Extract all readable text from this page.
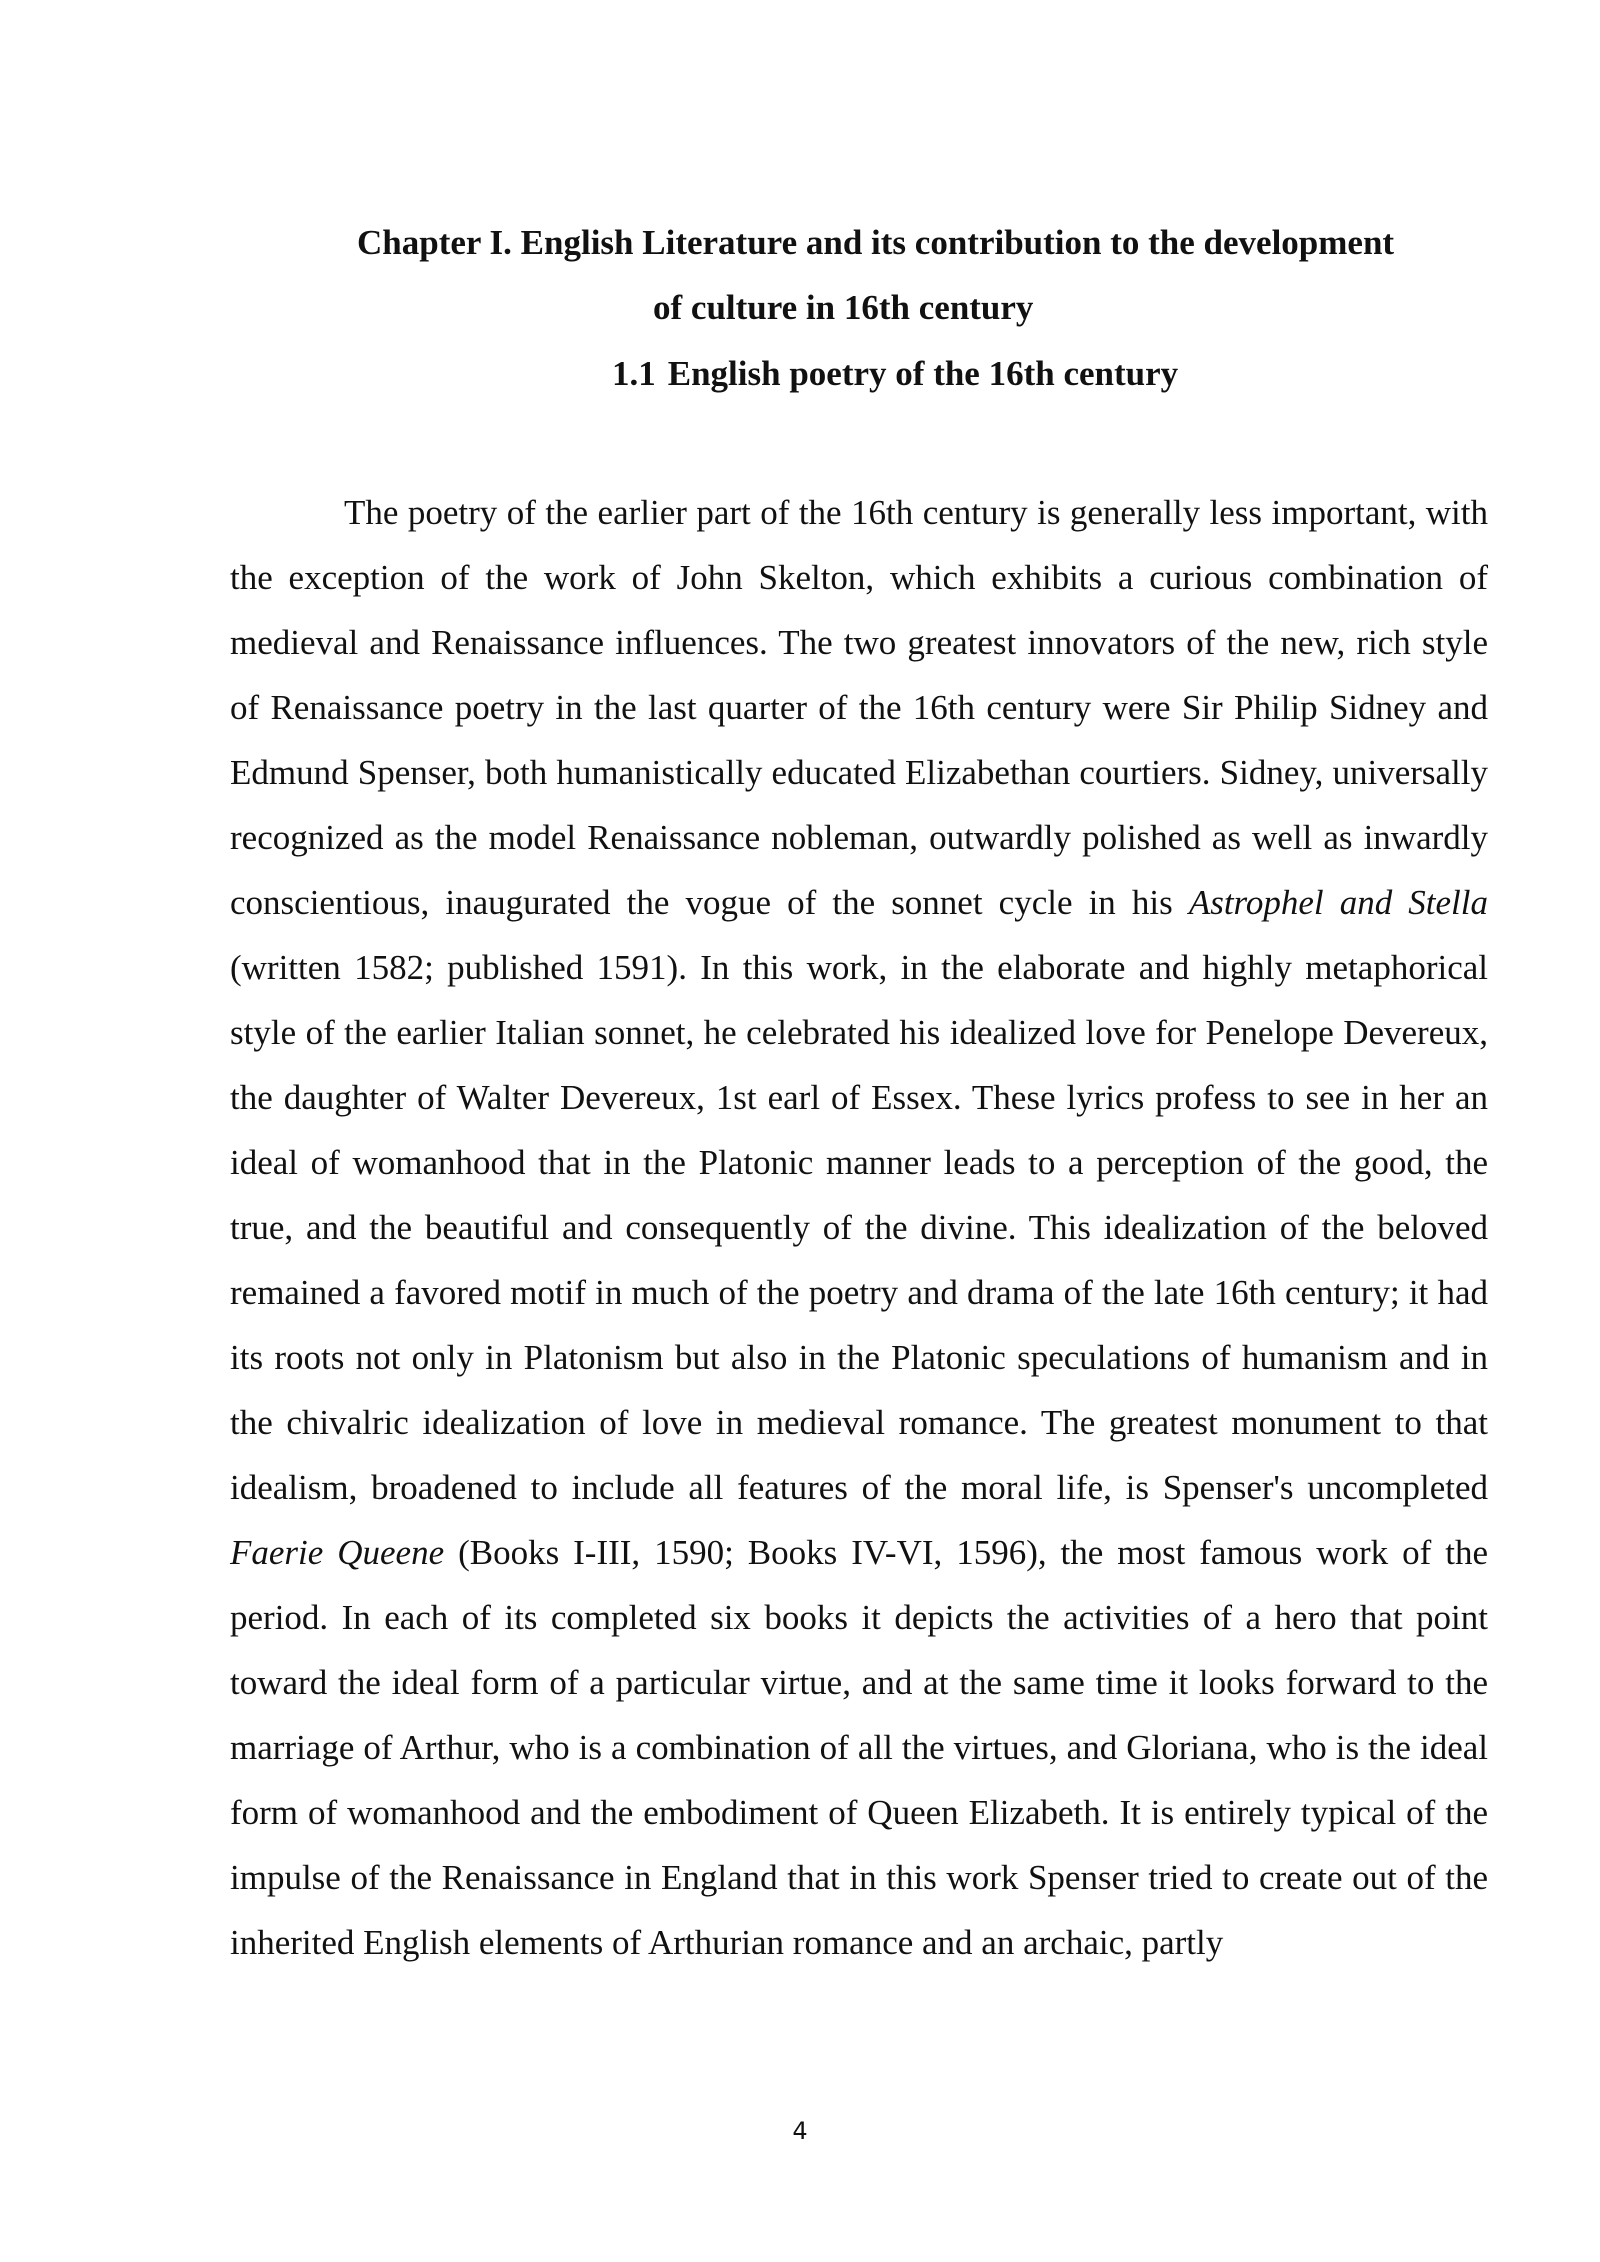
Chapter I. English Literature and its contribution to the development
of culture in 16th century
1.1 English poetry of the 16th century

The poetry of the earlier part of the 16th century is generally less important, with the exception of the work of John Skelton, which exhibits a curious combination of medieval and Renaissance influences. The two greatest innovators of the new, rich style of Renaissance poetry in the last quarter of the 16th century were Sir Philip Sidney and Edmund Spenser, both humanistically educated Elizabethan courtiers. Sidney, universally recognized as the model Renaissance nobleman, outwardly polished as well as inwardly conscientious, inaugurated the vogue of the sonnet cycle in his Astrophel and Stella (written 1582; published 1591). In this work, in the elaborate and highly metaphorical style of the earlier Italian sonnet, he celebrated his idealized love for Penelope Devereux, the daughter of Walter Devereux, 1st earl of Essex. These lyrics profess to see in her an ideal of womanhood that in the Platonic manner leads to a perception of the good, the true, and the beautiful and consequently of the divine. This idealization of the beloved remained a favored motif in much of the poetry and drama of the late 16th century; it had its roots not only in Platonism but also in the Platonic speculations of humanism and in the chivalric idealization of love in medieval romance. The greatest monument to that idealism, broadened to include all features of the moral life, is Spenser's uncompleted Faerie Queene (Books I-III, 1590; Books IV-VI, 1596), the most famous work of the period. In each of its completed six books it depicts the activities of a hero that point toward the ideal form of a particular virtue, and at the same time it looks forward to the marriage of Arthur, who is a combination of all the virtues, and Gloriana, who is the ideal form of womanhood and the embodiment of Queen Elizabeth. It is entirely typical of the impulse of the Renaissance in England that in this work Spenser tried to create out of the inherited English elements of Arthurian romance and an archaic, partly

4
